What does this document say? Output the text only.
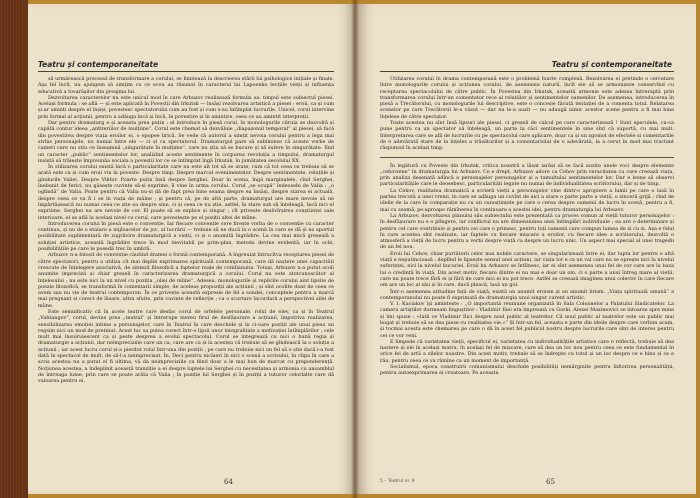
Teatru și contemporaneitate

să urmărească procesul de transformare a corului, se limitează la descrierea stării lui psihologice inițiale și finale. Aşa fel încît, nu ajungem să simțim cu ce ecou au răsunat în caracterul lui Lapoenko lecțiile vieții și influența educativă a tovarășilor din preajma lui.

Dezvoltarea caracterelor nu este unicul mod în care Arbuzov realizează formula sa: timpul este subiectul piesei. Același formula : se află — și este aplicată în Poveștii din Irkutsk — însăși rezolvarea artistică a piesei : eroii, ca și cum și-ar aminti despre el înșiși, povestesc spectatorului cum au fost și cum s-au întîmplat lucrurile. Unicel, corul intervine prin formal al acțiunii, pentru a adăuga încă și încă, în povestire și în amintire, ceea ce au amintit interpreții.

Dar pentru dramaturg e și aceasta prea puțin : el introduce în piesă corul, în monologurile căruia se dezvoltă și capătă contur ideea „antiteriilor de mulțime”. Corul este chemat să dezvăluie „diapazonul temporal” al piesei, să facă din povestirea despre viața eroilor ei, o epopee lirică. Se vede că autorul a simțit nevoia corului pentru a lega mai strîns personajele, nu numai între ele — ci și cu spectatorul. Dramaturgul pare să sublinieze că aceste vorbe de cameri care nu știu ce înseamnă „singurătate în mulțime”, care nu știu să se bucure și să sufere în singurătate. Iînd un caracter „public” sentimentelor lor, analizînd aceste sentimente în corpurea revoluția a timpului, dramaturgul insistă să trăiește împreunăa sociala a poveștii lor ce se întîmplat îngă Irkutsk, în jumătatea secolului XX.

În stilizarea corului există încă o particularitate care nu este alt tot să se arate, cum că tot ceea ce trebuie să se arată este ca și cum eroii vin la poveste. Despre timp. Despre marcul evenimentelor. Despre sentimentele, relațiile și gîndurile Valiei. Despre Viktor. Poarte puțin însă despre Serghei. Doar în scena, îngă marginalele, cînd Serghei, înebunit de ferici, nu găsește cuvinte să-și exprime, îl vine în urma corului. Corul „se ocupă” îndeosebi de Valia : „o oglindă” de Valia. Poate pentru că Valia nu-și dă de fapt prea bine seama despre ea însăși, despre starea ei actuală, despre ceea ce va fi i se în viața de mâine ; și pentru că, pe de altă parte, dramaturgul are mare nevoie să ne împărtășească nu numai ceea ce știe ea despre sine, ci și ceea ce nu știe, astfel, în stare sub să înțeleagă, încă nici el expriime. Serghei nu are nevoie de cor. El poate să se explice și singur ; cît privește desăvîrșirea conștiinței sale interioare, el se află la același nivel cu corul, care povestește pe el poziții altei de mîine.

Introducerea corului în piesă este o convenție. Iar fiecare convenție cere firește vorba de o convenție cu caracter continuu, și nu de o etalare a mijloacelor de joc, al lucrării — trebuie să ne ducă la o scenă în care se dă și ea aportul posibilitate suplimentară de zugrăvire dramaturgică a vieții, ci și o anumită îngrădire. La cea mai mică greșeală a soluției artistice, această îngrădire trece în mod inevitabil pe prim-plan, metoda devine evidentă, iar în ochi, posibilitățile pe care le posedă trec în umbră.

Arbuzov n-a folosit de convenție căutînd dramei o formă contemporană. A îngreuiat întrucîtva receptarea piesei de către spectatori, pentru a utiliza cît mai deplin exprimarea spirituală contemporană, care dă naștere unei capacități crescute de înțelegere asociativă, de sinteză filozofică a faptelor reale de cotidianului. Totuși, Arbuzov n-a putut ocoli anumite imprecizii și chiar greșeli în caracterizarea dramaturgică a corului. Corul nu este atotcunoscător al înțelesului ; nu este nici la un nivel cu poziția „oliei de mîine”. Adesea, monologurile și replicile corului aint lipsite de poezie filozofică, se transformă în comentarii simple, de aceleaș propoziții ale acțiunii ; și sînt ocolite doar de ceea ce avem sau nu vie de teatrul contemporan. În ce privește această expresie de fel a sondei, conceptele pentru a marcă mai pregnant și corect de lăsare, ultra sfuite, prin cuvinte de reflecție ; ca o scurtare încordară a perspectivei zilei de mîine.

Este semnificativ că în acele teatre care desfac corul de orfelele personale, rolul de elev, ca și în Teatrul „Vahtangov”, corul, devine prea „teatral” și întrerupe mereu firul de desfășurare a acțiunii, împotriva realizarea, sensibilizarea emoției intime a personajelor, care în Teatrul în care deschide și în ci-oare poziții ale unui piesa un regsim nici un mod de pretinut. Acest luc sa putea corect într-o lipsă unor integralitate a motivației întîmplărilor ; cele mult mai însuiruiescent ca și peste desprea a evolui spectacolul. Corul se integrează cu nici o bună regia și dramaturgie a acțiunii, dar neimpreciziile care un ca, care are ca și la acestea că trebuie să se gîndească la o soluție a acțiunii ; iar acest lucru corul și-a pierdut rolul într-una din poziții ; pe care nu trebuie nici un fel să o știe dacă i-a fost dată în spectacol de mult, de să-l-a neimprecisat. În, Deci pentru nicăieri în nici o scenă a scrisului, în clipa în care a scris acestea nu a putut el fi ultima, vă da neimpreciziile ca fiind doar a le mai bun de marcat cu preponderență. Noțiunea acestea, a îndeplinit această tranziție a ei despre luptele lui Serghei cu necesitatea și armonia cu ansamblul de întreaga lume, prin care se poate arăta că Valia ; în poziție lui Serghei și în poziții a tuturor celorlalte care dă valoarea pentru ei.

64
Teatru și contemporaneitate

Utilizarea corului în drama contemporană este o problemă foarte complexă. Rezolvarea ei pretinde o cercetare între monologurile corului și acțiunea corului, de asemenea natură, încît ele să se armonizeze conservînd cu receptarea spectacolului de către public. În Povestea din Irkutsk, această armonie este adesea întreruptă prin transformarea corului într-un comentator rece al relațiilor și sentimentelor oamenilor. De asemenea, introducerea în piesă a Trecătorului, cu monologurile lui descriptive, este o concesie făcută tentației de a comenta totul. Relatarea scenelor pe care Trecătorul le-a văzut — dar nu le-a auzit — nu adaugă nimic acestor scene pentru a fi mai bine înțelese de către spectator.

Toate acestea nu sînt însă lipsuri ale piesei, ci greșeli de calcul pe care caracterizează ! Sunt speculele, cu-ca pune pentru ca un spectator să înțeleagă, un parte la căci sentimentele în sine sînt că suportă, cu mai mult. Interpretarea care se afă de lucrurile cu pe spectacolul care aplicare, doar ca și un zgomot de efectele și comentariile de o adevărată stare de la înțeles a trăsăturilor și a comentariului de o adevărată, la a cerut în mod mai tractant răspunsul în același timp.

În legătură cu Poveste din Irkutsk, critica noastră a lăsat iarăși să se facă auzite unele voci despre elemente „cehoviene” în dramaturgia lui Arbuzov. Ce e drept, Arbuzov adore ca Cehov prin veracitatea cu care creează viața, prin analiza desenată adîncă a personajelor personajelor și a tumultului sentimentelor lor. Dar e lesne să observi particularitățile care le deosebesc, particularități legate nu numai de individualitatea scriitorului, dar și de timp.

La Cehov, realitatea dramatică a scrierii vieții a personajelor vine dintr-o apropiere a lumii pe care o lasă în partea trecută a unei vremi, în care se adăuga un cuvînt de aici a stare o parte parte a vieții, o sinceră grijă ; cînd de ideile de la care în comparație nu cu un cunoștințele pe care o cerea despre oamenii de lucru în scenă, pentru a fi, mai cu seamă, pe-aproape rămînerea în continuare a acestei idei, pentru dramaturgia lui Arbuzov.

La Arbuzov, dezvoltarea planului său subiectului este prezentată ca proces comun al vieții tuturor personajelor : în desfășurare nu e o plîngere, iar conflictul nu are dimensiunea unei întîmplări individuale ; ea are o determinare și pentru cel care contribuie și pentru cei care o primesc, pentru toți oamenii care compun lumea de zi cu zi. Așa e felul în care acestea sînt realizate, iar faptele cu fiecare mișcare a eroilor, cu fiecare idee a scriitorului, dezvoltă o atmosferă a vieții de lucru pentru a vorbi despre viață ca despre un lucru unic. Un aspect mai special al unei tragedii de un fel nou.

Eroii lui Cehov, chiar purtătorii celor mai nobile caractere, se singularizează între ei, dar lupta lor pentru o altă viață e neputincioasă ; deplînd le lipsește sensul unei acțiuni, iar viața lor e ca un val care nu se oprește nici la nivelul suferinței, nici la nivelul bucuriei. Eroii lui Arbuzov se întîlnesc, iar ei sînt asemenea unui fel de cor care are la baza lui o credință în viață. Din acest motiv, fiecare dintre ei nu mai e doar un om, ci o parte a unui întreg mare al vieții, care nu poate trece fără ei și fără de care nici ei nu pot trece. Astfel se creează imaginea unui colectiv în care fiecare om are un loc al său și în care, dacă pleacă, lasă un gol.

Într-o asemenea atitudine față de viață, există un anumit eroism și un anumit lirism. „Viața spirituală umană” a contemporanului nu poate fi exprimată de dramaturgia unui singur curent artistic.

V. I. Kaciakov își amintește : „O importantă reuniune organizată în Sala Coloanelor a Palatului Sindicatelor. La camera artiștilor dormeam linguștitor : Vladimir Iliei era împreună cu Gorki. Alexei Maximovici se întoarse spre mine și îmi spuse : «Iată ce Vladimir Ilici despre noul public al teatrelor. Că noul public al teatrelor este un public mai bogat și trebuie să se dea piese cu realitatea vie.»” Și într-un fel, aceasta e parte din ideile despre care vorbim acum, și tocmai acesta este chemarea pe care o dă în acest fel publicul nostru despre lucrurile care sînt de interes pentru cei ce vor veni.

E limpede că varietatea vieții, specificul ei, varietatea cu individualitățile artistice care o reflectă, trebuie să dea naștere și ele în același teatru, în același fel de mișcare, care să dea un loc nou pentru ceea ce este fundamental în orice fel de artă a zilelor noastre. Din acest motiv, trebuie să se îndrepte cu totul și un loc despre ce e bine și ce e rău, pentru ceea ce va rămîne ca un moment de importanță.

Socialismul, epoca construirii comunismului deschide posibilități nemărginite pentru înflorirea personalității, pentru autoexprimarea ei creatoare. Pe aceasta

5 – Teatrul nr. 9	65
